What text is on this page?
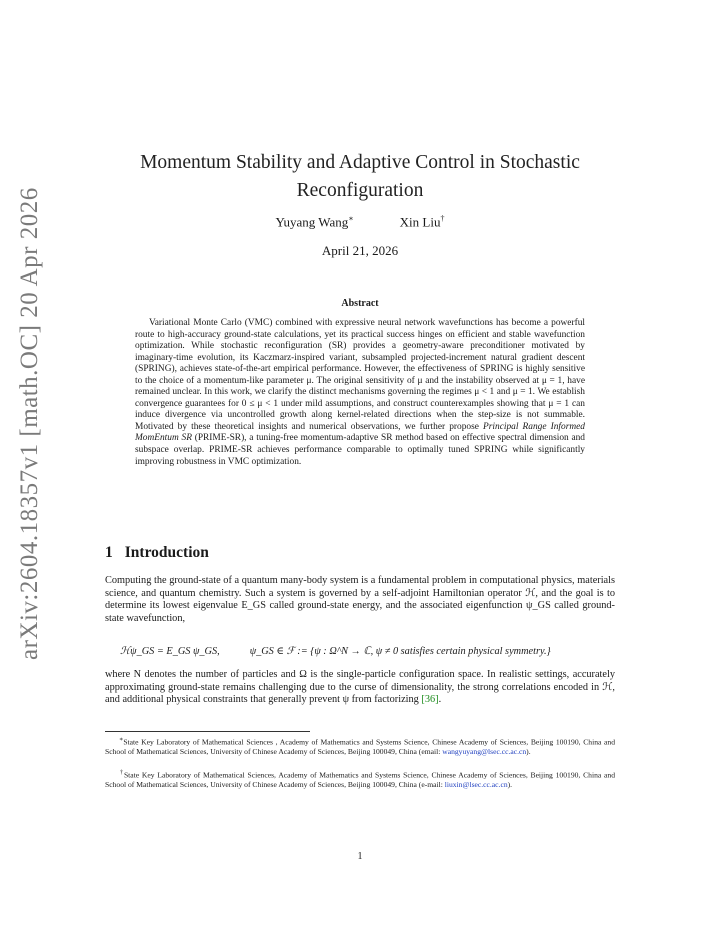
arXiv:2604.18357v1 [math.OC] 20 Apr 2026
Momentum Stability and Adaptive Control in Stochastic Reconfiguration
Yuyang Wang∗	Xin Liu†
April 21, 2026
Abstract

Variational Monte Carlo (VMC) combined with expressive neural network wavefunctions has become a powerful route to high-accuracy ground-state calculations, yet its practical success hinges on efficient and stable wavefunction optimization. While stochastic reconfiguration (SR) provides a geometry-aware preconditioner motivated by imaginary-time evolution, its Kaczmarz-inspired variant, subsampled projected-increment natural gradient descent (SPRING), achieves state-of-the-art empirical performance. However, the effectiveness of SPRING is highly sensitive to the choice of a momentum-like parameter μ. The original sensitivity of μ and the instability observed at μ = 1, have remained unclear. In this work, we clarify the distinct mechanisms governing the regimes μ < 1 and μ = 1. We establish convergence guarantees for 0 ≤ μ < 1 under mild assumptions, and construct counterexamples showing that μ = 1 can induce divergence via uncontrolled growth along kernel-related directions when the step-size is not summable. Motivated by these theoretical insights and numerical observations, we further propose Principal Range Informed MomEntum SR (PRIME-SR), a tuning-free momentum-adaptive SR method based on effective spectral dimension and subspace overlap. PRIME-SR achieves performance comparable to optimally tuned SPRING while significantly improving robustness in VMC optimization.

1 Introduction

Computing the ground-state of a quantum many-body system is a fundamental problem in computational physics, materials science, and quantum chemistry. Such a system is governed by a self-adjoint Hamiltonian operator ℋ, and the goal is to determine its lowest eigenvalue E_GS called ground-state energy, and the associated eigenfunction ψ_GS called ground-state wavefunction,

ℋψ_GS = E_GS ψ_GS,	ψ_GS ∈ ℱ := {ψ : Ω^N → ℂ, ψ ≠ 0 satisfies certain physical symmetry.}

where N denotes the number of particles and Ω is the single-particle configuration space. In realistic settings, accurately approximating ground-state remains challenging due to the curse of dimensionality, the strong correlations encoded in ℋ, and additional physical constraints that generally prevent ψ from factorizing [36].

∗State Key Laboratory of Mathematical Sciences , Academy of Mathematics and Systems Science, Chinese Academy of Sciences, Beijing 100190, China and School of Mathematical Sciences, University of Chinese Academy of Sciences, Beijing 100049, China (email: wangyuyang@lsec.cc.ac.cn).

†State Key Laboratory of Mathematical Sciences, Academy of Mathematics and Systems Science, Chinese Academy of Sciences, Beijing 100190, China and School of Mathematical Sciences, University of Chinese Academy of Sciences, Beijing 100049, China (e-mail: liuxin@lsec.cc.ac.cn).

1
